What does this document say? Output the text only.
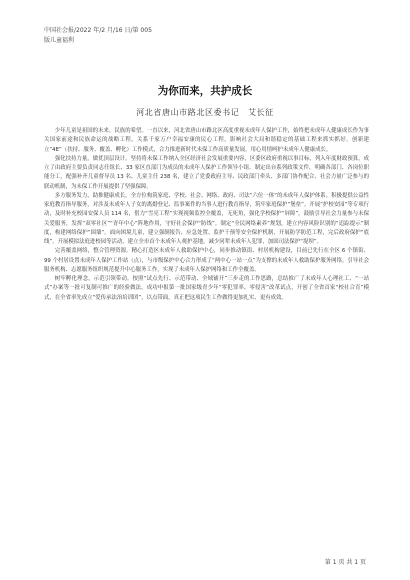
中国社会报/2022 年/2 月/16 日/第 005
版儿童福利
为你而来，共护成长
河北省唐山市路北区委书记　艾长征

少年儿童是祖国的未来，民族的希望。一直以来，河北省唐山市路北区高度重视未成年人保护工作，始终把未成年人健康成长作为事关国家前途和民族命运的战略工程，关系千家万户幸福安康的民心工程，影响社会大局和谐稳定的基础工程来抓实抓好。创新建立“4E”（扶持、服务、覆盖、孵化）工作模式，合力推进新时代未保工作高质量发展，用心用情呵护未成年人健康成长。

强化扶持力量，做优顶层设计。坚持将未保工作纳入全区经济社会发展重要内容，区委区政府重视以事目标，列入年度财政预算，成立了由政府主要负责同志任组长、33 家区直部门为成员的未成年人保护工作领导小组。制定出台系列政策文件，明确各部门、各岗位职能分工，配强补齐儿童督导员 13 名、儿童主任 238 名，建立了党委政府主导、民政部门牵头、多部门协作配合、社会力量广泛参与的联动机制，为未保工作开展提供了坚强保障。

多方服务发力，助推健康成长。全方位构筑家庭、学校、社会、网络、政府、司法“六位一体”的未成年人保护体系。积极提供公益性家庭教育指导服务，对涉及未成年人子女的离婚登记、监事案件的当事人进行教育指导，筑牢家庭保护“堡垒”。开展“护校安园”等专项行动，及时补充校园安保人员 114 名，借力“雪亮工程”实现视频监控全覆盖，无死角，强化学校保护“屏障”。鼓励引导社会力量参与未保关爱服务，发挥“双零社区”“青年中心”阵地作用，守好社会保护“防线”。制定“全民网络素养”规划，建立内容风险识别的“追踪提示”制度，构建网络保护“围墙”。面向困境儿童，建立强制报告、应急处置、监护干预等安全保护机制，开展防学防范工程，完后政府保护“底线”。开展模拟法庭进校园等活动，建立全市首个未成年人观护基地，减少同辈未成年人犯罪，加固司法保护“堤坝”。

完善覆盖网络，整合管理资源。精心打造区未成年人救助保护中心，同步推动镇街、村居机构建设，目前已先行在全区 6 个镇街、99 个村居设置未成年人保护工作站（点），与市级保护中心合力形成了“两中心一站一点”为支撑的未成年人救助保护服务网络。引导社会服务机构、志愿服务组织规范提升中心服务工作，实现了未成年人保护网络和工作全覆盖。

树牢孵化理念，示范引领带动。按照“试点先行、示范带动、全域铺开”三步走的工作思路，总结推广了未成年人心理社工、“一站式”办案等一批可复制可推广的经验做法，成功申报第一批国家级青少年“零犯罪率、零侵害”改革试点，开创了全省首家“校社合育”模式，在全省率先成立“爱传承法治培训团”，以点带面，真正把这项民生工作做得更加扎实、更有成效。

第 1 页 共 1 页
